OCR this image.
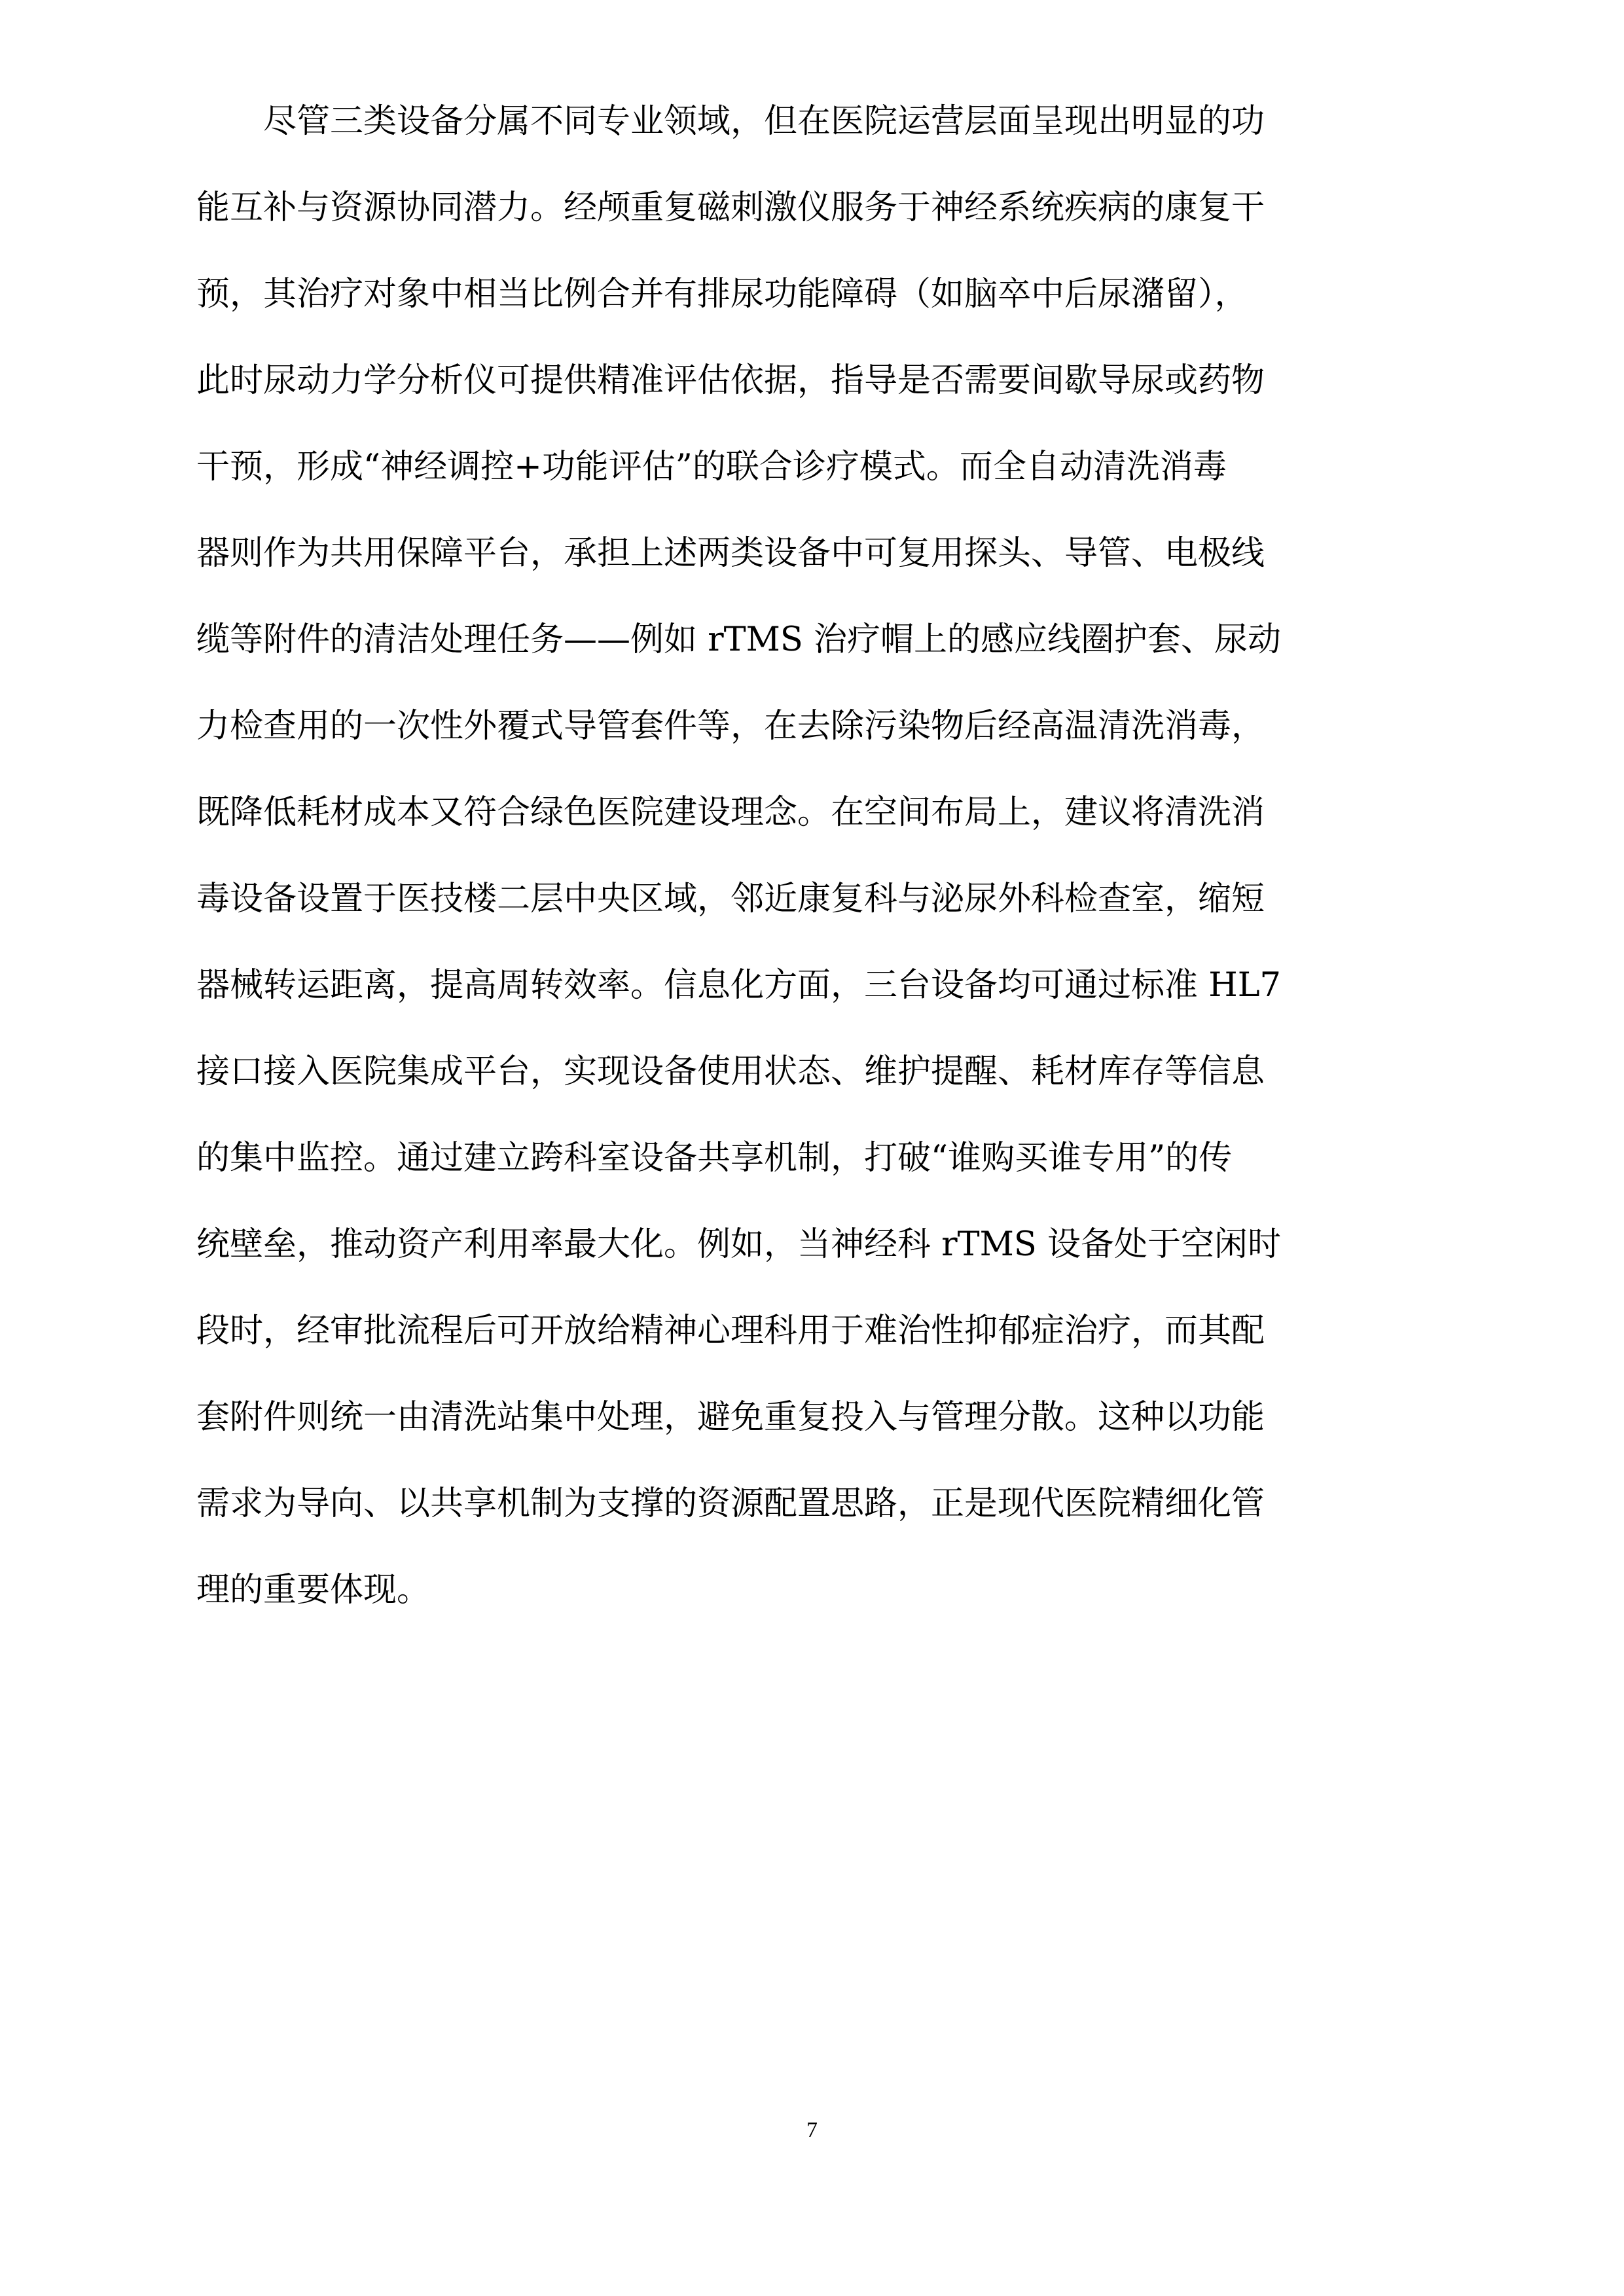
尽管三类设备分属不同专业领域，但在医院运营层面呈现出明显的功
能互补与资源协同潜力。经颅重复磁刺激仪服务于神经系统疾病的康复干
预，其治疗对象中相当比例合并有排尿功能障碍（如脑卒中后尿潴留），
此时尿动力学分析仪可提供精准评估依据，指导是否需要间歇导尿或药物
干预，形成“神经调控+功能评估”的联合诊疗模式。而全自动清洗消毒
器则作为共用保障平台，承担上述两类设备中可复用探头、导管、电极线
缆等附件的清洁处理任务——例如 rTMS 治疗帽上的感应线圈护套、尿动
力检查用的一次性外覆式导管套件等，在去除污染物后经高温清洗消毒，
既降低耗材成本又符合绿色医院建设理念。在空间布局上，建议将清洗消
毒设备设置于医技楼二层中央区域，邻近康复科与泌尿外科检查室，缩短
器械转运距离，提高周转效率。信息化方面，三台设备均可通过标准 HL7
接口接入医院集成平台，实现设备使用状态、维护提醒、耗材库存等信息
的集中监控。通过建立跨科室设备共享机制，打破“谁购买谁专用”的传
统壁垒，推动资产利用率最大化。例如，当神经科 rTMS 设备处于空闲时
段时，经审批流程后可开放给精神心理科用于难治性抑郁症治疗，而其配
套附件则统一由清洗站集中处理，避免重复投入与管理分散。这种以功能
需求为导向、以共享机制为支撑的资源配置思路，正是现代医院精细化管
理的重要体现。
7
